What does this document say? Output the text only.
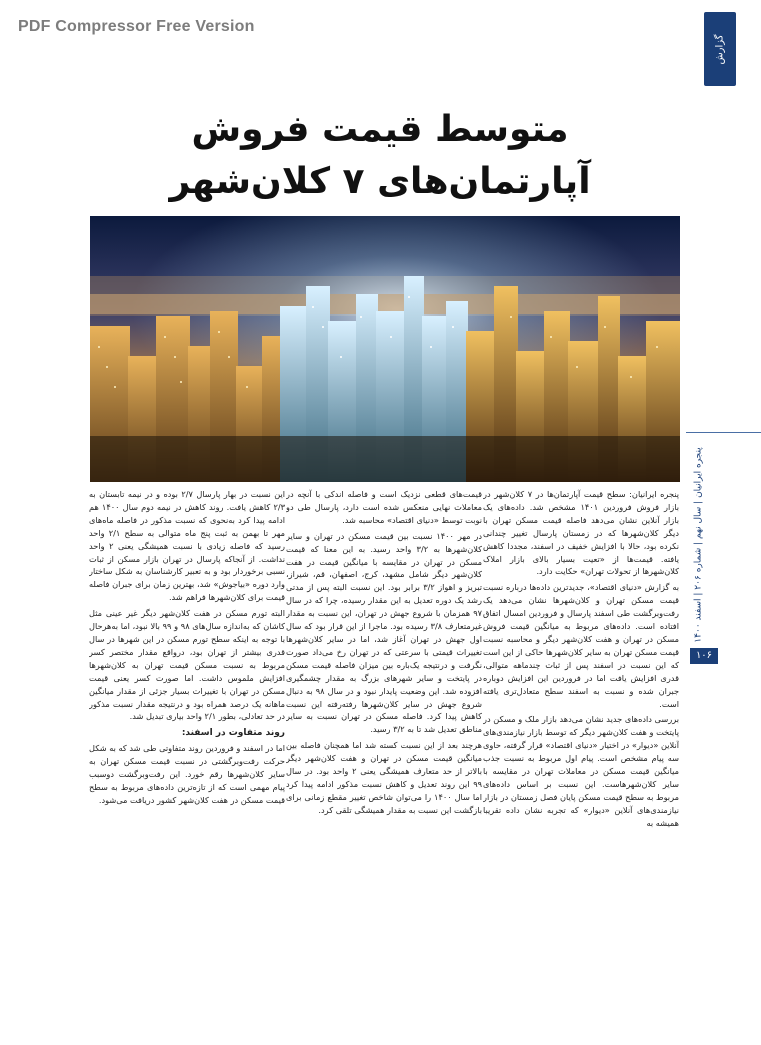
PDF Compressor Free Version
گزارش
متوسط قیمت فروش
آپارتمان‌های ۷ کلان‌شهر
پنجره ایرانیان | سال نهم | شماره ۲۰۶ | اسفند ۱۴۰۰
۱۰۶

پنجره ایرانیان: سطح قیمت آپارتمان‌ها در ۷ کلان‌شهر در بازار فروش فروردین ۱۴۰۱ مشخص شد. داده‌های یک بازار آنلاین نشان می‌دهد فاصله قیمت مسکن تهران با دیگر کلان‌شهرها که در زمستان پارسال تغییر چندانی نکرده بود، حالا با افزایش خفیف در اسفند، مجددا کاهش یافته. قیمت‌ها از «تعیت بسیار بالای بازار املاک کلان‌شهرها از تحولات تهران» حکایت دارد.

به گزارش «دنیای اقتصاد»، جدیدترین داده‌ها درباره نسبت قیمت مسکن تهران و کلان‌شهرها نشان می‌دهد یک رفت‌وبرگشت طی اسفند پارسال و فروردین امسال اتفاق افتاده است. داده‌های مربوط به میانگین قیمت فروش مسکن در تهران و هفت کلان‌شهر دیگر و محاسبه نسبت قیمت مسکن تهران به سایر کلان‌شهرها حاکی از این است که این نسبت در اسفند پس از ثبات چندماهه متوالی، قدری افزایش یافت اما در فروردین این افزایش دوباره جبران شده و نسبت به اسفند سطح متعادل‌تری یافته است.

بررسی داده‌های جدید نشان می‌دهد بازار ملک و مسکن در پایتخت و هفت کلان‌شهر دیگر که توسط بازار نیازمندی‌های آنلاین «دیوار» در اختیار «دنیای اقتصاد» قرار گرفته، حاوی سه پیام مشخص است. پیام اول مربوط به نسبت جذب میانگین قیمت مسکن در معاملات تهران در مقایسه با سایر کلان‌شهرهاست. این نسبت بر اساس داده‌های مربوط به سطح قیمت مسکن پایان فصل زمستان در بازار نیازمندی‌های آنلاین «دیوار» که تجربه نشان داده تقریبا همیشه به

قیمت‌های قطعی نزدیک است و فاصله اندکی با آنچه در معاملات نهایی منعکس شده است دارد، پارسال طی دو نوبت توسط «دنیای اقتصاد» محاسبه شد.

در مهر ۱۴۰۰ نسبت بین قیمت مسکن در تهران و سایر کلان‌شهرها به ۳/۲ واحد رسید. به این معنا که قیمت مسکن در تهران در مقایسه با میانگین قیمت در هفت کلان‌شهر دیگر شامل مشهد، کرج، اصفهان، قم، شیراز، تبریز و اهواز ۳/۲ برابر بود. این نسبت البته پس از مدتی رشد یک دوره تعدیل به این مقدار رسیده، چرا که در سال ۹۷ همزمان با شروع جهش در تهران، این نسبت به مقدار غیرمتعارف ۳/۸ رسیده بود. ماجرا از این قرار بود که سال اول جهش در تهران آغاز شد، اما در سایر کلان‌شهرها تغییرات قیمتی با سرعتی که در تهران رخ می‌داد صورت نگرفت و درنتیجه یک‌باره بین میزان فاصله قیمت مسکن در پایتخت و سایر شهرهای بزرگ به مقدار چشمگیری افزوده شد. این وضعیت پایدار نبود و در سال ۹۸ به دنبال شروع جهش در سایر کلان‌شهرها رفته‌رفته این نسبت کاهش پیدا کرد. فاصله مسکن در تهران نسبت به سایر مناطق تعدیل شد تا به ۳/۲ رسید.

هرچند بعد از این نسبت کسته شد اما همچنان فاصله بین میانگین قیمت مسکن در تهران و هفت کلان‌شهر دیگر بالاتر از حد متعارف همیشگی یعنی ۲ واحد بود. در سال ۹۹ این روند تعدیل و کاهش نسبت مذکور ادامه پیدا کرد اما سال ۱۴۰۰ را می‌توان شاخص تغییر مقطع زمانی برای بازگشت این نسبت به مقدار همیشگی تلقی کرد.

این نسبت در بهار پارسال ۲/۷ بوده و در نیمه تابستان به ۲/۳ کاهش یافت. روند کاهش در نیمه دوم سال ۱۴۰۰ هم ادامه پیدا کرد به‌نحوی که نسبت مذکور در فاصله ماه‌های مهر تا بهمن به ثبت پنج ماه متوالی به سطح ۲/۱ واحد رسید که فاصله زیادی با نسبت همیشگی یعنی ۲ واحد نداشت. از آنجاکه پارسال در تهران بازار مسکن از ثبات نسبی برخوردار بود و به تعبیر کارشناسان به شکل ساختار وارد دوره «بیاجوش» شد، بهترین زمان برای جبران فاصله قیمت برای کلان‌شهرها فراهم شد.

البته تورم مسکن در هفت کلان‌شهر دیگر غیر عینی مثل کاشان که به‌اندازه سال‌های ۹۸ و ۹۹ بالا نبود، اما به‌هرحال با توجه به اینکه سطح تورم مسکن در این شهرها در سال قدری بیشتر از تهران بود، درواقع مقدار مختصر کسر مربوط به نسبت مسکن قیمت تهران به کلان‌شهرها افزایش ملموس داشت. اما صورت کسر یعنی قیمت مسکن در تهران با تغییرات بسیار جزئی از مقدار میانگین ماهانه یک درصد همراه بود و درنتیجه مقدار نسبت مذکور در حد تعادلی، بطور ۲/۱ واحد بیاری تبدیل شد.

روند متفاوت در اسفند:

اما در اسفند و فروردین روند متفاوتی طی شد که به شکل حرکت رفت‌وبرگشتی در نسبت قیمت مسکن تهران به سایر کلان‌شهرها رقم خورد. این رفت‌وبرگشت دوسبب پیام مهمی است که از تازه‌ترین داده‌های مربوط به سطح قیمت مسکن در هفت کلان‌شهر کشور دریافت می‌شود.
